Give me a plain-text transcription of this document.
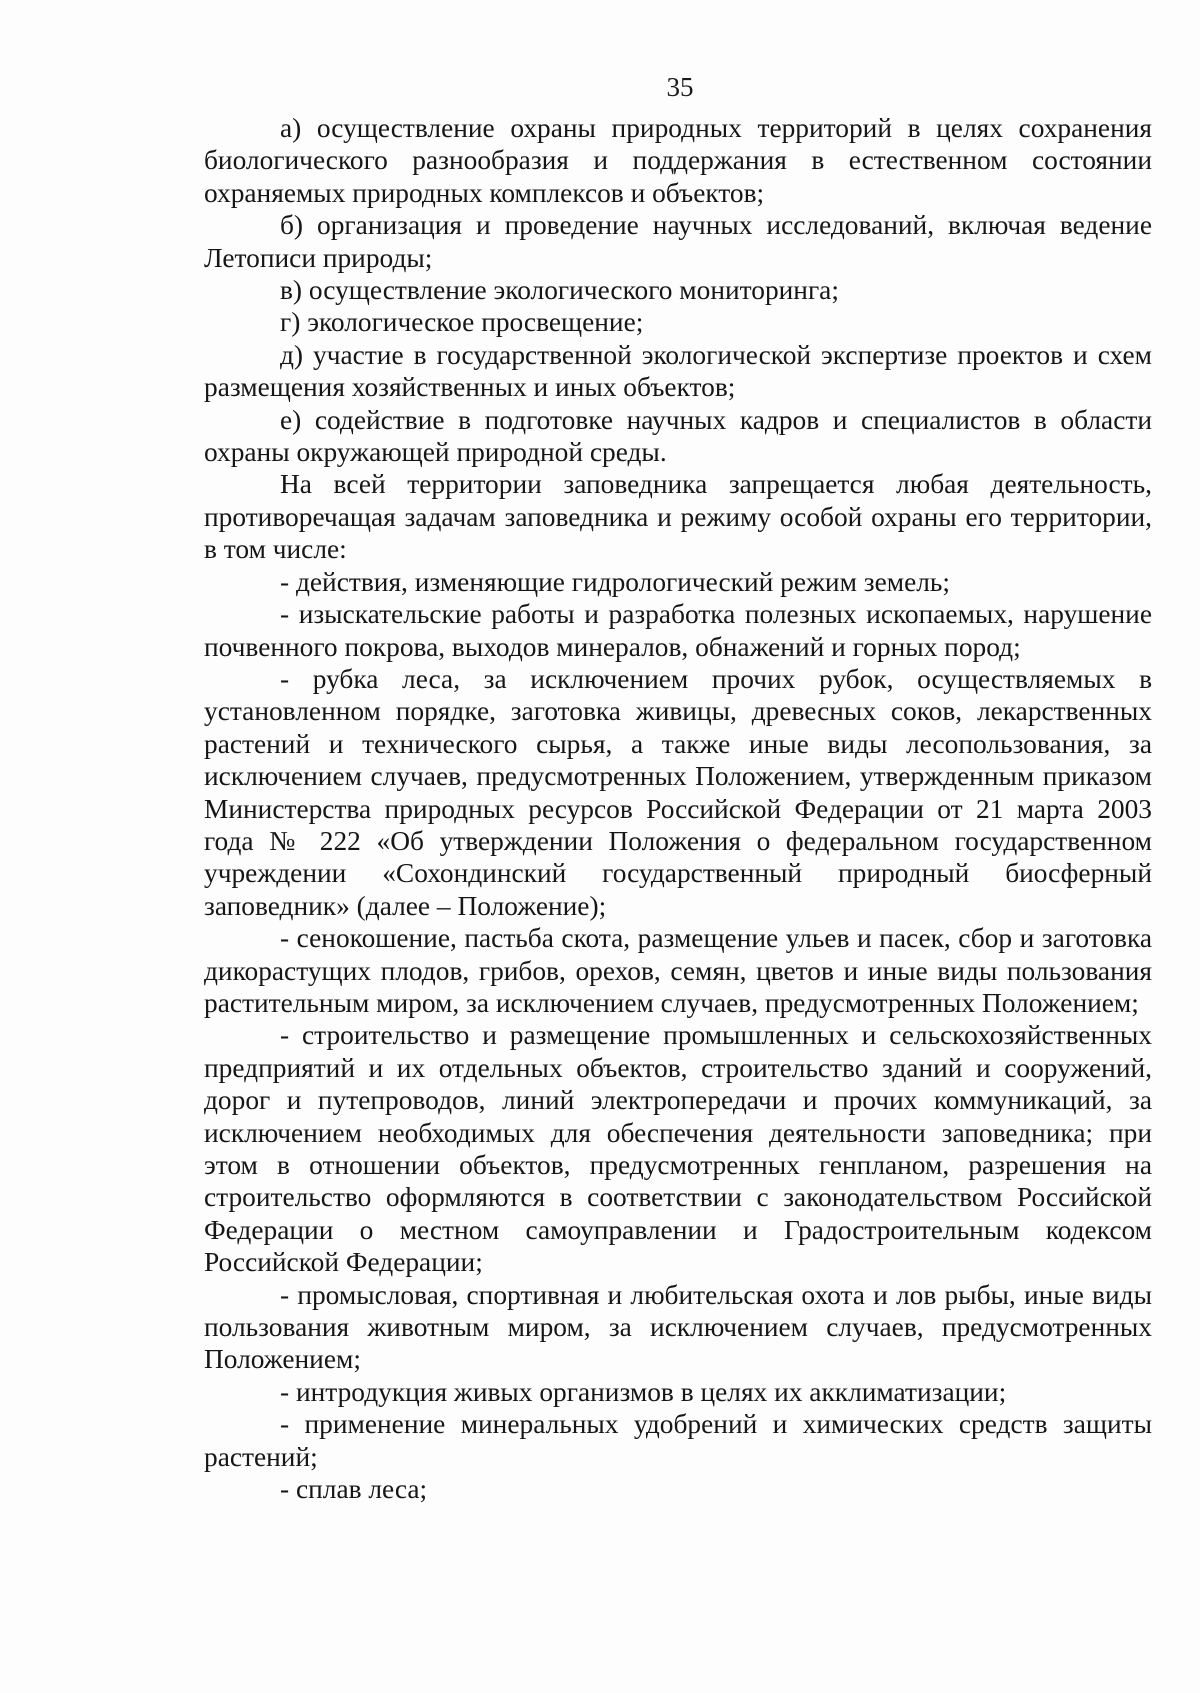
35

а) осуществление охраны природных территорий в целях сохранения биологического разнообразия и поддержания в естественном состоянии охраняемых природных комплексов и объектов;

б) организация и проведение научных исследований, включая ведение Летописи природы;

в) осуществление экологического мониторинга;

г) экологическое просвещение;

д) участие в государственной экологической экспертизе проектов и схем размещения хозяйственных и иных объектов;

е) содействие в подготовке научных кадров и специалистов в области охраны окружающей природной среды.

На всей территории заповедника запрещается любая деятельность, противоречащая задачам заповедника и режиму особой охраны его территории, в том числе:

- действия, изменяющие гидрологический режим земель;

- изыскательские работы и разработка полезных ископаемых, нарушение почвенного покрова, выходов минералов, обнажений и горных пород;

- рубка леса, за исключением прочих рубок, осуществляемых в установленном порядке, заготовка живицы, древесных соков, лекарственных растений и технического сырья, а также иные виды лесопользования, за исключением случаев, предусмотренных Положением, утвержденным приказом Министерства природных ресурсов Российской Федерации от 21 марта 2003 года № 222 «Об утверждении Положения о федеральном государственном учреждении «Сохондинский государственный природный биосферный заповедник» (далее – Положение);

- сенокошение, пастьба скота, размещение ульев и пасек, сбор и заготовка дикорастущих плодов, грибов, орехов, семян, цветов и иные виды пользования растительным миром, за исключением случаев, предусмотренных Положением;

- строительство и размещение промышленных и сельскохозяйственных предприятий и их отдельных объектов, строительство зданий и сооружений, дорог и путепроводов, линий электропередачи и прочих коммуникаций, за исключением необходимых для обеспечения деятельности заповедника; при этом в отношении объектов, предусмотренных генпланом, разрешения на строительство оформляются в соответствии с законодательством Российской Федерации о местном самоуправлении и Градостроительным кодексом Российской Федерации;

- промысловая, спортивная и любительская охота и лов рыбы, иные виды пользования животным миром, за исключением случаев, предусмотренных Положением;

- интродукция живых организмов в целях их акклиматизации;

- применение минеральных удобрений и химических средств защиты растений;

- сплав леса;
